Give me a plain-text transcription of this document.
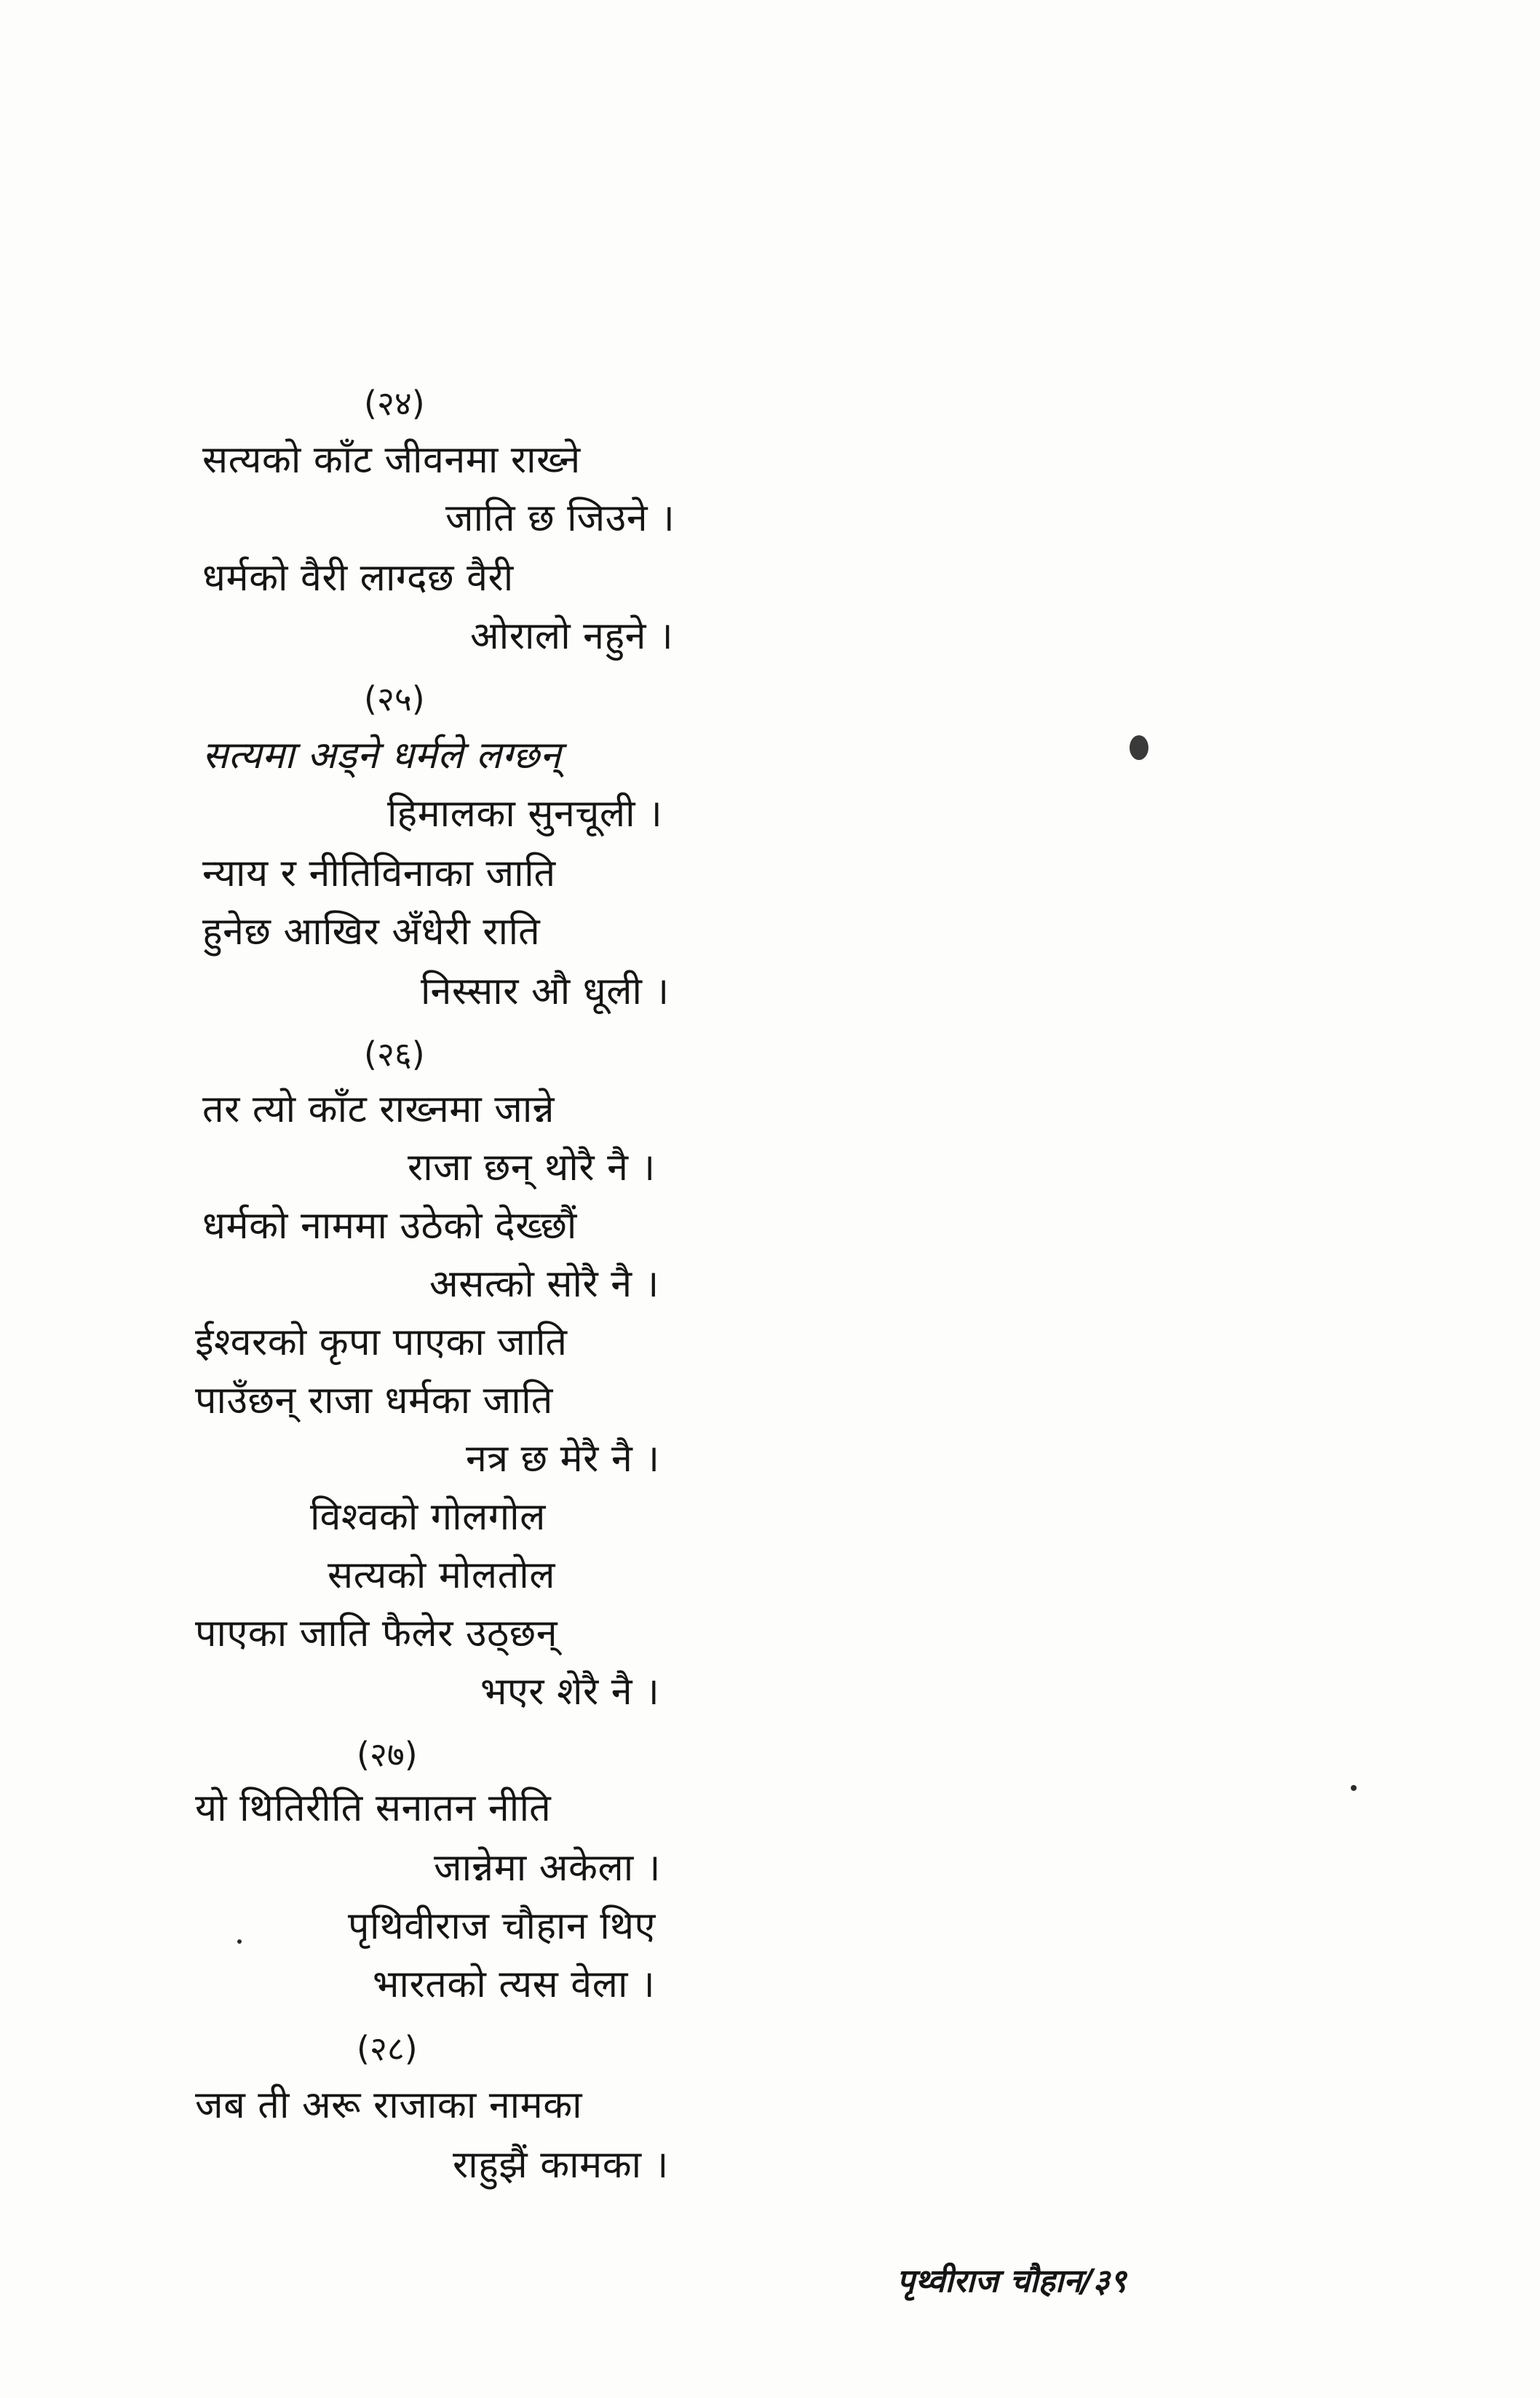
(२४)
सत्यको काँट जीवनमा राख्ने
जाति छ जिउने ।
धर्मको वैरी लाग्दछ वैरी
ओरालो नहुने ।
(२५)
सत्यमा अड्ने धर्मले लग्छन्
हिमालका सुनचूली ।
न्याय र नीतिविनाका जाति
हुनेछ आखिर अँधेरी राति
निस्सार औ धूली ।
(२६)
तर त्यो काँट राख्नमा जान्ने
राजा छन् थोरै नै ।
धर्मको नाममा उठेको देख्छौं
असत्को सोरै नै ।
ईश्वरको कृपा पाएका जाति
पाउँछन् राजा धर्मका जाति
नत्र छ मेरै नै ।
विश्वको गोलगोल
सत्यको मोलतोल
पाएका जाति फैलेर उठ्छन्
भएर शेरै नै ।
(२७)
यो थितिरीति सनातन नीति
जान्नेमा अकेला ।
पृथिवीराज चौहान थिए
भारतको त्यस वेला ।
(२८)
जब ती अरू राजाका नामका
राहुझैं कामका ।
पृथ्वीराज चौहान/३९
